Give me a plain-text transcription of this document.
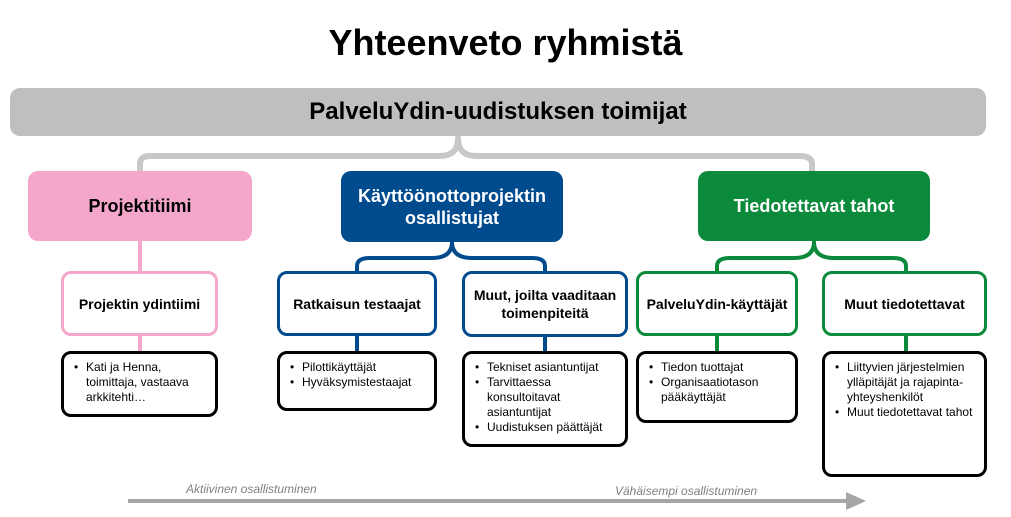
Yhteenveto ryhmistä
PalveluYdin-uudistuksen toimijat
Projektitiimi
Käyttöönottoprojektin osallistujat
Tiedotettavat tahot
Projektin ydintiimi	Ratkaisun testaajat
Muut, joilta vaaditaan toimenpiteitä
PalveluYdin-käyttäjät	Muut tiedotettavat
• Kati ja Henna, toimittaja, vastaava arkkitehti…
• Pilottikäyttäjät
• Hyväksymistestaajat
• Tekniset asiantuntijat
• Tarvittaessa konsultoitavat asiantuntijat
• Uudistuksen päättäjät
• Tiedon tuottajat
• Organisaatiotason pääkäyttäjät
• Liittyvien järjestelmien ylläpitäjät ja rajapinta-yhteyshenkilöt
• Muut tiedotettavat tahot
Aktiivinen osallistuminen	Vähäisempi osallistuminen
